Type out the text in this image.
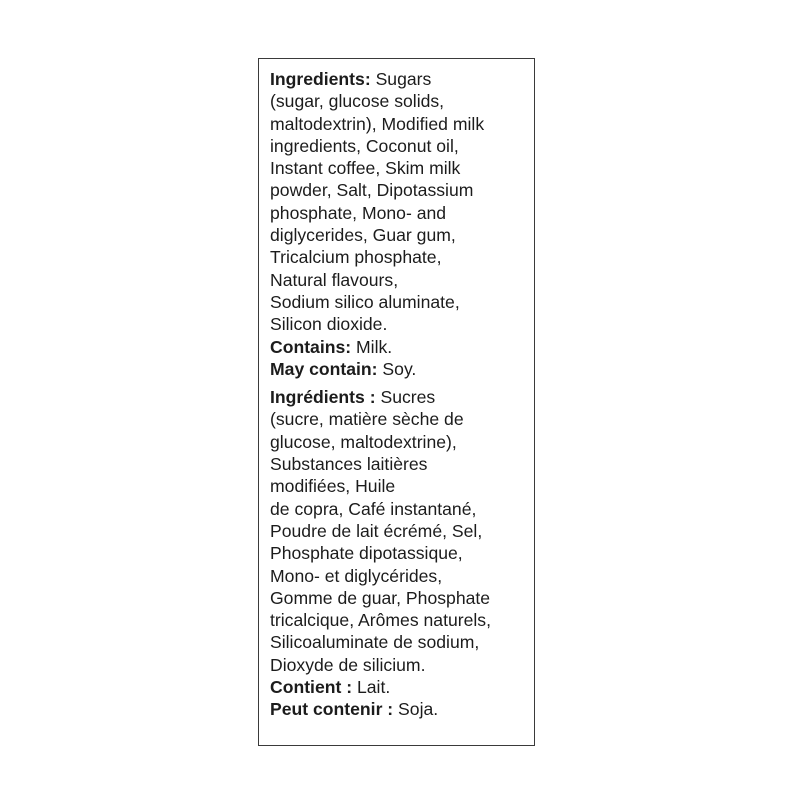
Ingredients: Sugars
(sugar, glucose solids,
maltodextrin), Modified milk
ingredients, Coconut oil,
Instant coffee, Skim milk
powder, Salt, Dipotassium
phosphate, Mono- and
diglycerides, Guar gum,
Tricalcium phosphate,
Natural flavours,
Sodium silico aluminate,
Silicon dioxide.
Contains: Milk.
May contain: Soy.
Ingrédients : Sucres
(sucre, matière sèche de
glucose, maltodextrine),
Substances laitières
modifiées, Huile
de copra, Café instantané,
Poudre de lait écrémé, Sel,
Phosphate dipotassique,
Mono- et diglycérides,
Gomme de guar, Phosphate
tricalcique, Arômes naturels,
Silicoaluminate de sodium,
Dioxyde de silicium.
Contient : Lait.
Peut contenir : Soja.
